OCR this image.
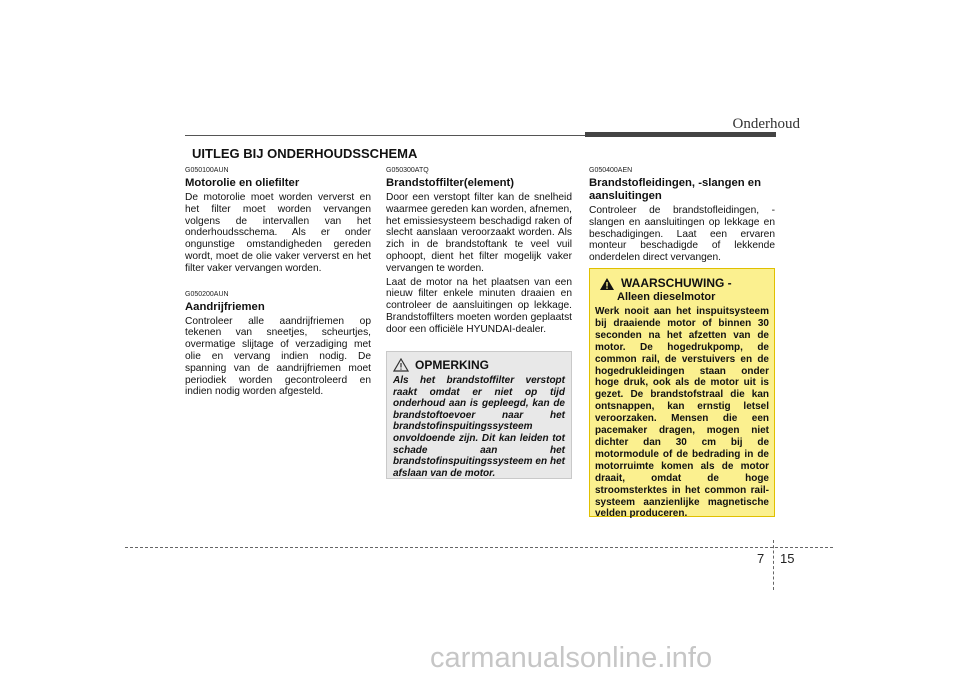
Onderhoud
UITLEG BIJ ONDERHOUDSSCHEMA
G050100AUN
Motorolie en oliefilter

De motorolie moet worden ververst en het filter moet worden vervangen volgens de intervallen van het onderhoudsschema. Als er onder ongunstige omstandigheden gereden wordt, moet de olie vaker ververst en het filter vaker vervangen worden.

G050200AUN
Aandrijfriemen

Controleer alle aandrijfriemen op tekenen van sneetjes, scheurtjes, overmatige slijtage of verzadiging met olie en vervang indien nodig. De spanning van de aandrijfriemen moet periodiek worden gecontroleerd en indien nodig worden afgesteld.

G050300ATQ
Brandstoffilter(element)

Door een verstopt filter kan de snelheid waarmee gereden kan worden, afnemen, het emissiesysteem beschadigd raken of slecht aanslaan veroorzaakt worden. Als zich in de brandstoftank te veel vuil ophoopt, dient het filter mogelijk vaker vervangen te worden.

Laat de motor na het plaatsen van een nieuw filter enkele minuten draaien en controleer de aansluitingen op lekkage. Brandstoffilters moeten worden geplaatst door een officiële HYUNDAI-dealer.

OPMERKING
Als het brandstoffilter verstopt raakt omdat er niet op tijd onderhoud aan is gepleegd, kan de brandstoftoevoer naar het brandstofinspuitingssysteem onvoldoende zijn. Dit kan leiden tot schade aan het brandstofinspuitingssysteem en het afslaan van de motor.
G050400AEN
Brandstofleidingen, -slangen en aansluitingen

Controleer de brandstofleidingen, -slangen en aansluitingen op lekkage en beschadigingen. Laat een ervaren monteur beschadigde of lekkende onderdelen direct vervangen.

WAARSCHUWING -
Alleen dieselmotor
Werk nooit aan het inspuitsysteem bij draaiende motor of binnen 30 seconden na het afzetten van de motor. De hogedrukpomp, de common rail, de verstuivers en de hogedrukleidingen staan onder hoge druk, ook als de motor uit is gezet. De brandstofstraal die kan ontsnappen, kan ernstig letsel veroorzaken. Mensen die een pacemaker dragen, mogen niet dichter dan 30 cm bij de motormodule of de bedrading in de motorruimte komen als de motor draait, omdat de hoge stroomsterktes in het common rail-systeem aanzienlijke magnetische velden produceren.
7 15
carmanualsonline.info
